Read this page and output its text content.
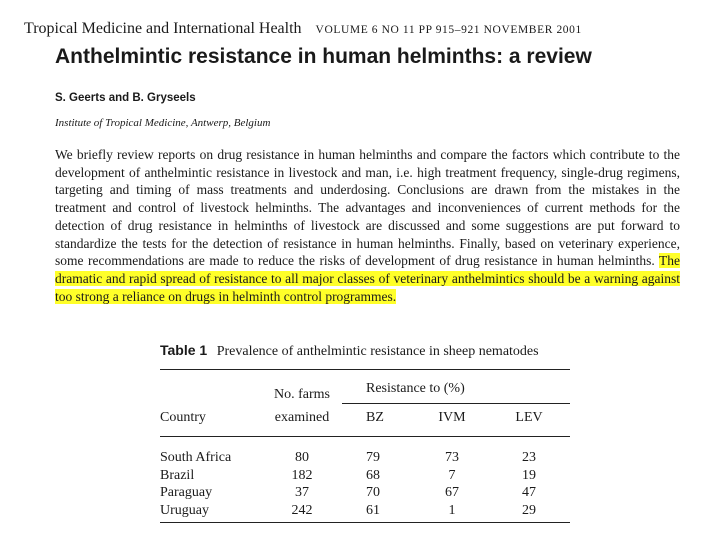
Tropical Medicine and International Health VOLUME 6 NO 11 PP 915–921 NOVEMBER 2001
Anthelmintic resistance in human helminths: a review
S. Geerts and B. Gryseels
Institute of Tropical Medicine, Antwerp, Belgium
We briefly review reports on drug resistance in human helminths and compare the factors which contribute to the development of anthelmintic resistance in livestock and man, i.e. high treatment frequency, single-drug regimens, targeting and timing of mass treatments and underdosing. Conclusions are drawn from the mistakes in the treatment and control of livestock helminths. The advantages and inconveniences of current methods for the detection of drug resistance in helminths of livestock are discussed and some suggestions are put forward to standardize the tests for the detection of resistance in human helminths. Finally, based on veterinary experience, some recommendations are made to reduce the risks of development of drug resistance in human helminths. The dramatic and rapid spread of resistance to all major classes of veterinary anthelmintics should be a warning against too strong a reliance on drugs in helminth control programmes.
Table 1 Prevalence of anthelmintic resistance in sheep nematodes
	No. farms	Resistance to (%)		
Country	examined	BZ	IVM	LEV
South Africa	80	79	73	23
Brazil	182	68	7	19
Paraguay	37	70	67	47
Uruguay	242	61	1	29
